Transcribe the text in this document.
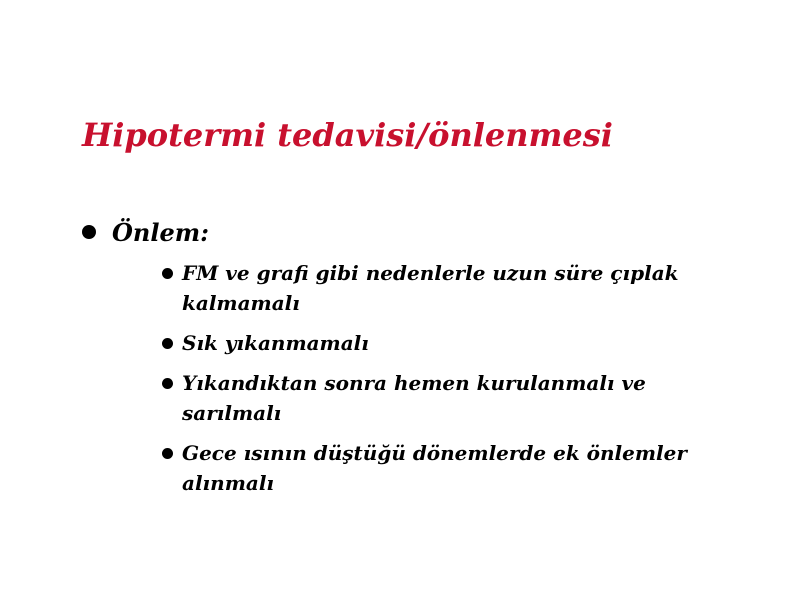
Hipotermi tedavisi/önlenmesi
Önlem:
FM ve grafi gibi nedenlerle uzun süre çıplak kalmamalı
Sık yıkanmamalı
Yıkandıktan sonra hemen kurulanmalı ve sarılmalı
Gece ısının düştüğü dönemlerde ek önlemler alınmalı
